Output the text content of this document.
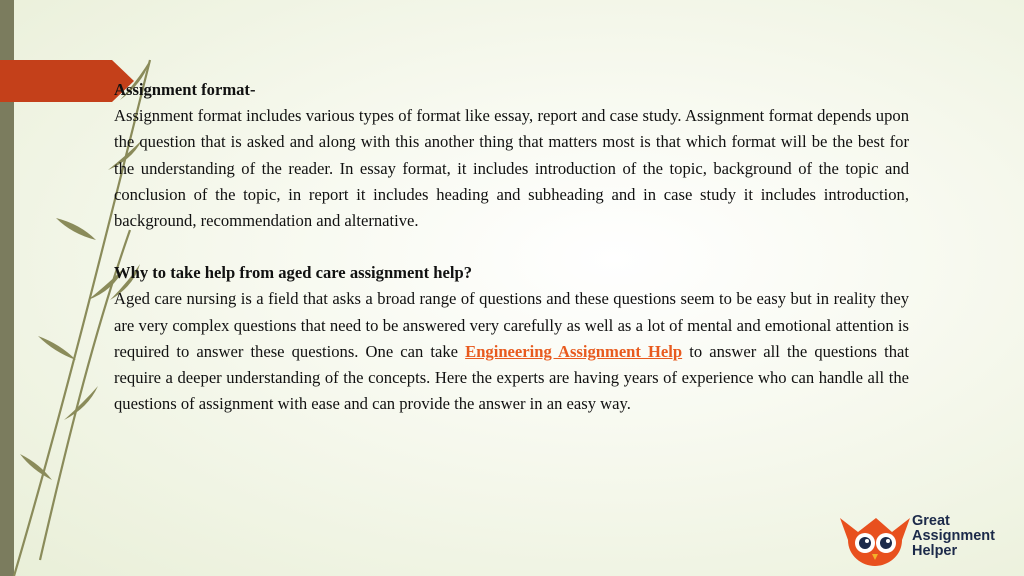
Assignment format-

Assignment format includes various types of format like essay, report and case study. Assignment format depends upon the question that is asked and along with this another thing that matters most is that which format will be the best for the understanding of the reader. In essay format, it includes introduction of the topic, background of the topic and conclusion of the topic, in report it includes heading and subheading and in case study it includes introduction, background, recommendation and alternative.

Why to take help from aged care assignment help?

Aged care nursing is a field that asks a broad range of questions and these questions seem to be easy but in reality they are very complex questions that need to be answered very carefully as well as a lot of mental and emotional attention is required to answer these questions. One can take Engineering Assignment Help to answer all the questions that require a deeper understanding of the concepts. Here the experts are having years of experience who can handle all the questions of assignment with ease and can provide the answer in an easy way.

Great
Assignment
Helper
